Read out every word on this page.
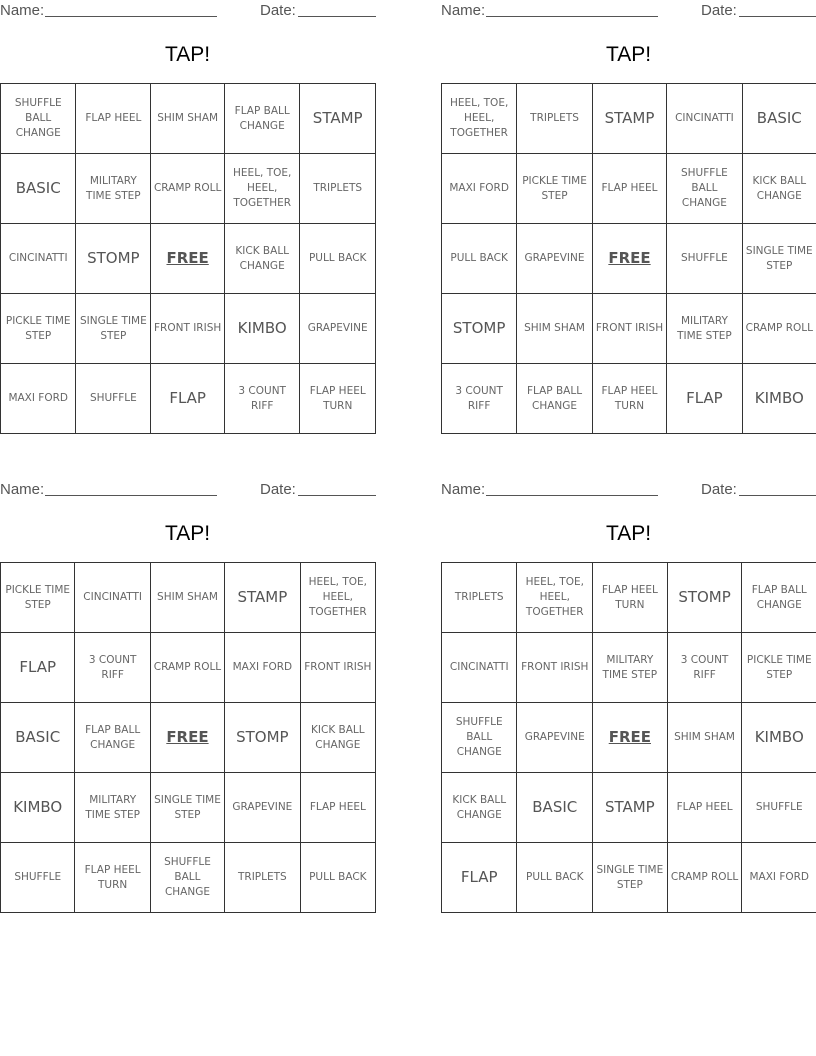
Name:	Date:
TAP!
SHUFFLE BALL CHANGE	FLAP HEEL	SHIM SHAM	FLAP BALL CHANGE	STAMP
BASIC	MILITARY TIME STEP	CRAMP ROLL	HEEL, TOE, HEEL, TOGETHER	TRIPLETS
CINCINATTI	STOMP	FREE	KICK BALL CHANGE	PULL BACK
PICKLE TIME STEP	SINGLE TIME STEP	FRONT IRISH	KIMBO	GRAPEVINE
MAXI FORD	SHUFFLE	FLAP	3 COUNT RIFF	FLAP HEEL TURN
Name:	Date:
TAP!
HEEL, TOE, HEEL, TOGETHER	TRIPLETS	STAMP	CINCINATTI	BASIC
MAXI FORD	PICKLE TIME STEP	FLAP HEEL	SHUFFLE BALL CHANGE	KICK BALL CHANGE
PULL BACK	GRAPEVINE	FREE	SHUFFLE	SINGLE TIME STEP
STOMP	SHIM SHAM	FRONT IRISH	MILITARY TIME STEP	CRAMP ROLL
3 COUNT RIFF	FLAP BALL CHANGE	FLAP HEEL TURN	FLAP	KIMBO
Name:	Date:
TAP!
PICKLE TIME STEP	CINCINATTI	SHIM SHAM	STAMP	HEEL, TOE, HEEL, TOGETHER
FLAP	3 COUNT RIFF	CRAMP ROLL	MAXI FORD	FRONT IRISH
BASIC	FLAP BALL CHANGE	FREE	STOMP	KICK BALL CHANGE
KIMBO	MILITARY TIME STEP	SINGLE TIME STEP	GRAPEVINE	FLAP HEEL
SHUFFLE	FLAP HEEL TURN	SHUFFLE BALL CHANGE	TRIPLETS	PULL BACK
Name:	Date:
TAP!
TRIPLETS	HEEL, TOE, HEEL, TOGETHER	FLAP HEEL TURN	STOMP	FLAP BALL CHANGE
CINCINATTI	FRONT IRISH	MILITARY TIME STEP	3 COUNT RIFF	PICKLE TIME STEP
SHUFFLE BALL CHANGE	GRAPEVINE	FREE	SHIM SHAM	KIMBO
KICK BALL CHANGE	BASIC	STAMP	FLAP HEEL	SHUFFLE
FLAP	PULL BACK	SINGLE TIME STEP	CRAMP ROLL	MAXI FORD
